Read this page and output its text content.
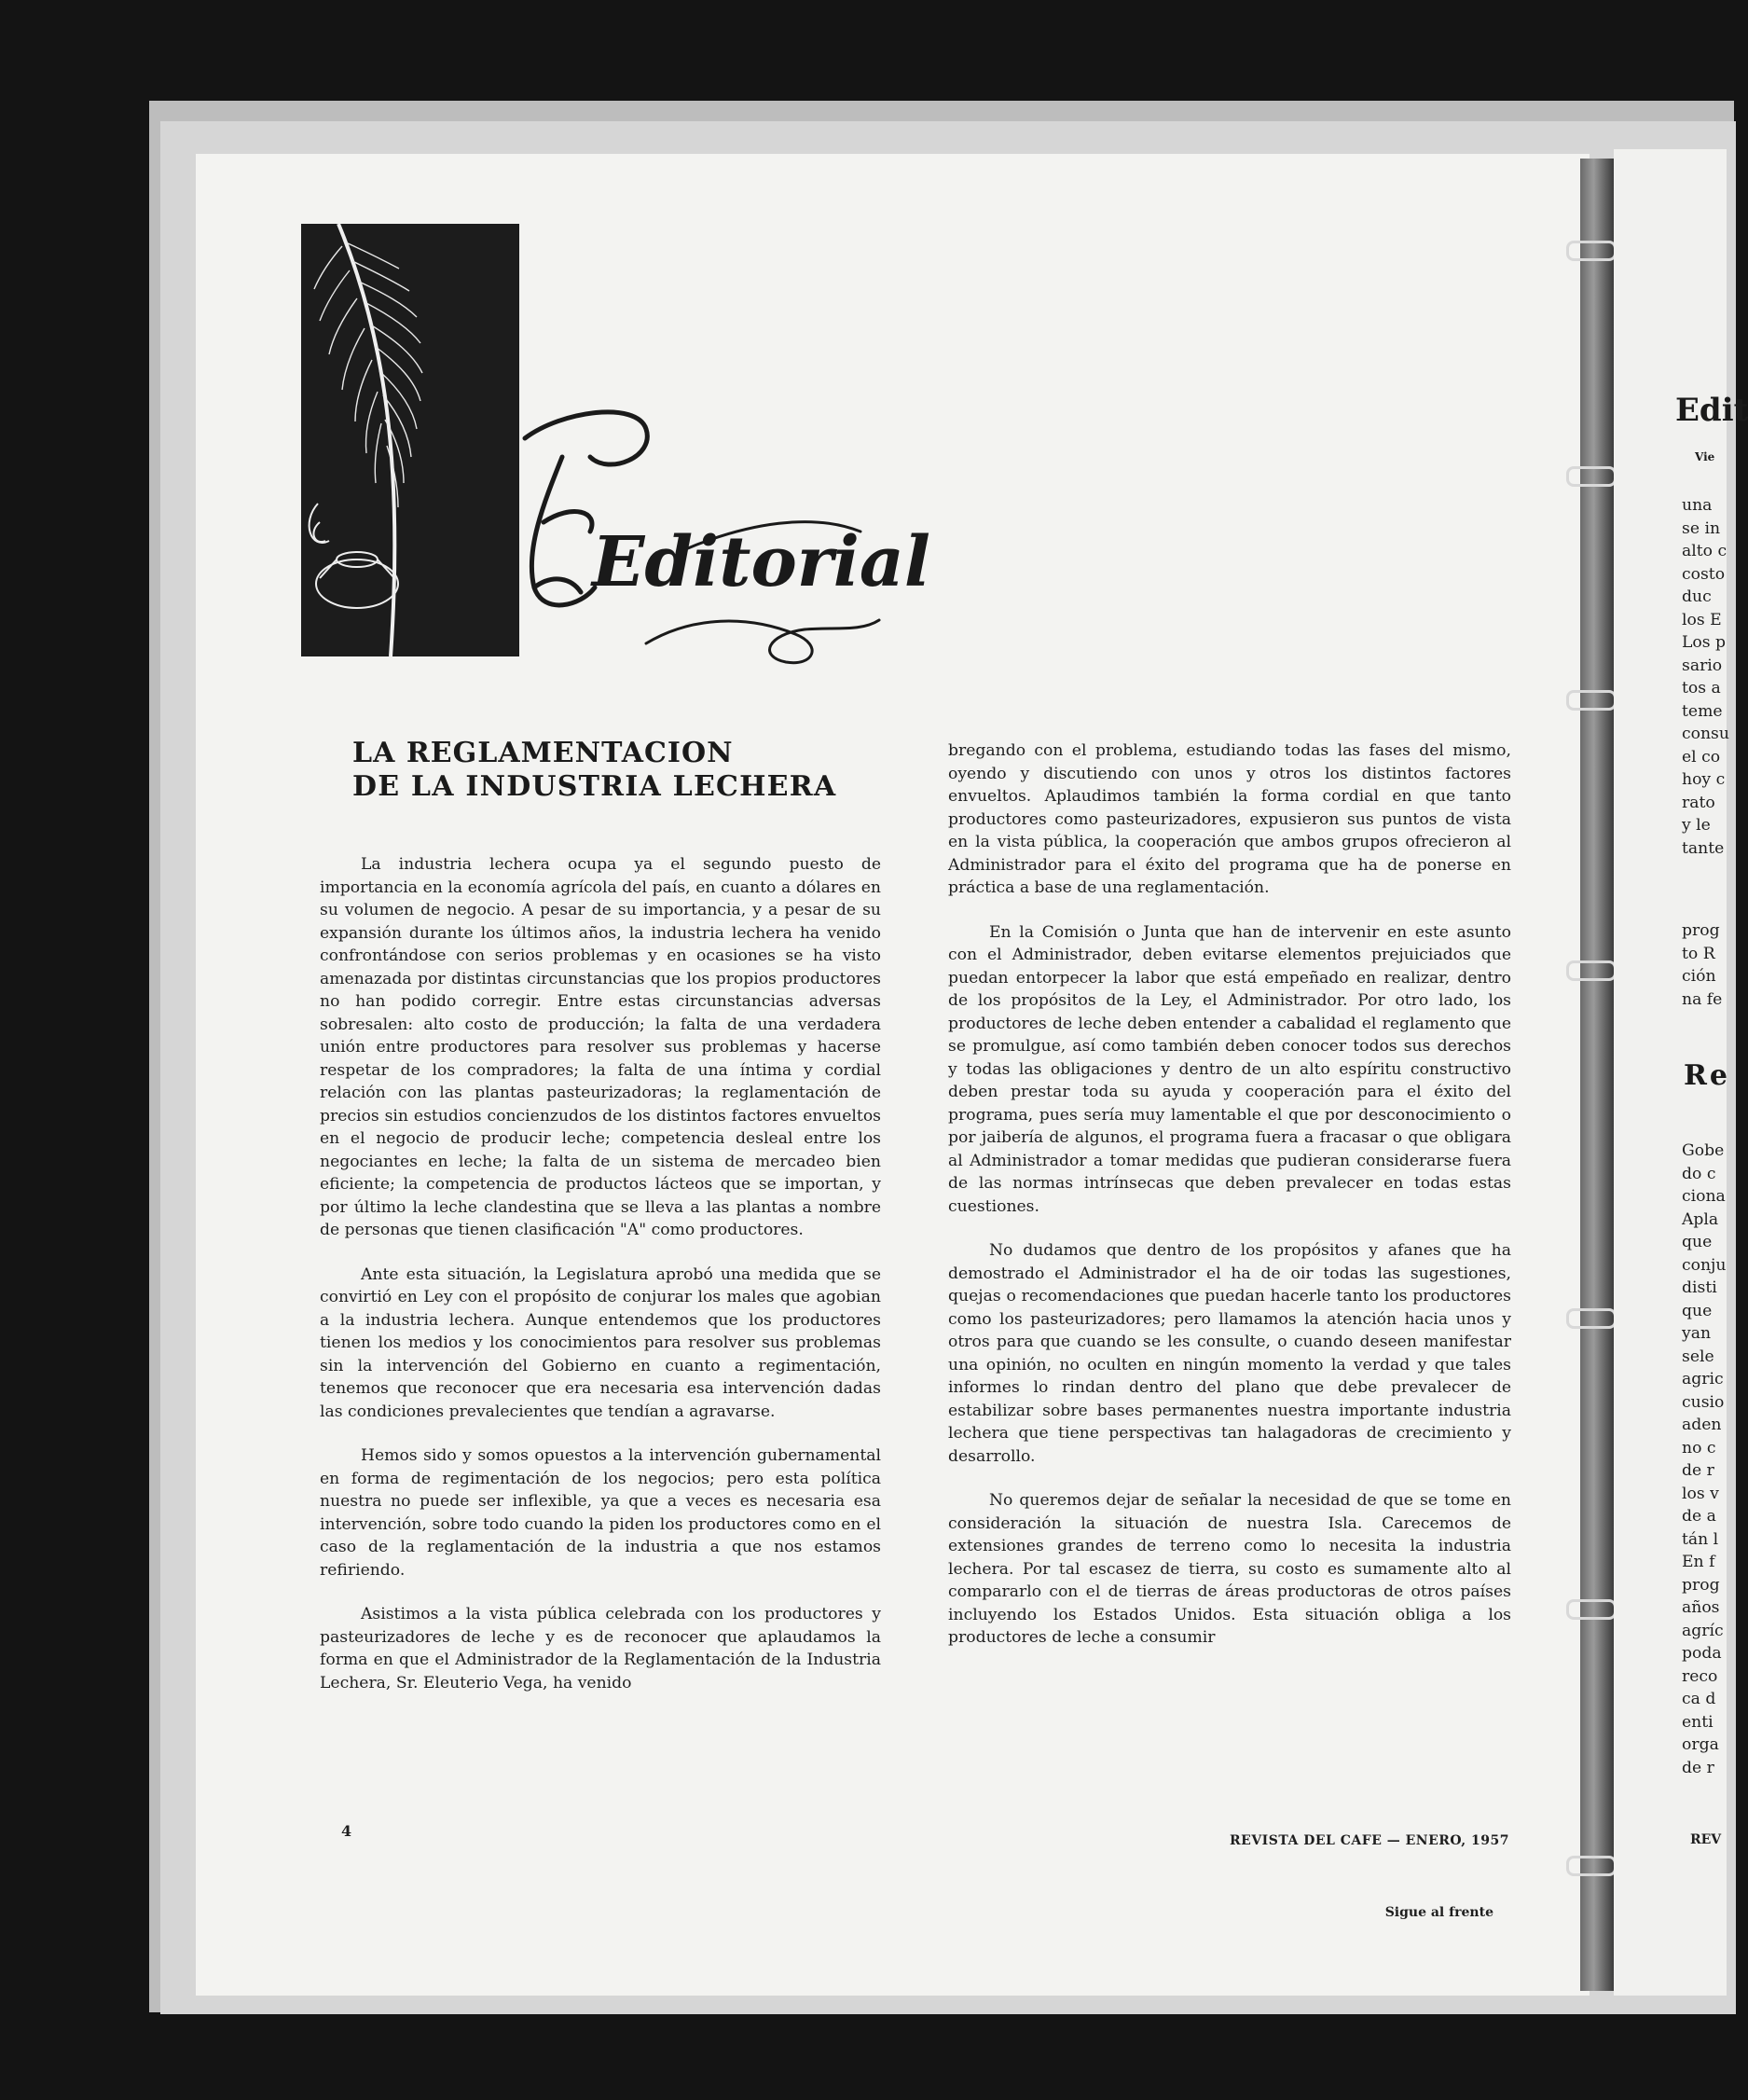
Editorial
LA REGLAMENTACION
DE LA INDUSTRIA LECHERA

La industria lechera ocupa ya el segundo puesto de importancia en la economía agrícola del país, en cuanto a dólares en su volumen de negocio. A pesar de su importancia, y a pesar de su expansión durante los últimos años, la industria lechera ha venido confrontándose con serios problemas y en ocasiones se ha visto amenazada por distintas circunstancias que los propios productores no han podido corregir. Entre estas circunstancias adversas sobresalen: alto costo de producción; la falta de una verdadera unión entre productores para resolver sus problemas y hacerse respetar de los compradores; la falta de una íntima y cordial relación con las plantas pasteurizadoras; la reglamentación de precios sin estudios concienzudos de los distintos factores envueltos en el negocio de producir leche; competencia desleal entre los negociantes en leche; la falta de un sistema de mercadeo bien eficiente; la competencia de productos lácteos que se importan, y por último la leche clandestina que se lleva a las plantas a nombre de personas que tienen clasificación "A" como productores.

Ante esta situación, la Legislatura aprobó una medida que se convirtió en Ley con el propósito de conjurar los males que agobian a la industria lechera. Aunque entendemos que los productores tienen los medios y los conocimientos para resolver sus problemas sin la intervención del Gobierno en cuanto a regimentación, tenemos que reconocer que era necesaria esa intervención dadas las condiciones prevalecientes que tendían a agravarse.

Hemos sido y somos opuestos a la intervención gubernamental en forma de regimentación de los negocios; pero esta política nuestra no puede ser inflexible, ya que a veces es necesaria esa intervención, sobre todo cuando la piden los productores como en el caso de la reglamentación de la industria a que nos estamos refiriendo.

Asistimos a la vista pública celebrada con los productores y pasteurizadores de leche y es de reconocer que aplaudamos la forma en que el Administrador de la Reglamentación de la Industria Lechera, Sr. Eleuterio Vega, ha venido

bregando con el problema, estudiando todas las fases del mismo, oyendo y discutiendo con unos y otros los distintos factores envueltos. Aplaudimos también la forma cordial en que tanto productores como pasteurizadores, expusieron sus puntos de vista en la vista pública, la cooperación que ambos grupos ofrecieron al Administrador para el éxito del programa que ha de ponerse en práctica a base de una reglamentación.

En la Comisión o Junta que han de intervenir en este asunto con el Administrador, deben evitarse elementos prejuiciados que puedan entorpecer la labor que está empeñado en realizar, dentro de los propósitos de la Ley, el Administrador. Por otro lado, los productores de leche deben entender a cabalidad el reglamento que se promulgue, así como también deben conocer todos sus derechos y todas las obligaciones y dentro de un alto espíritu constructivo deben prestar toda su ayuda y cooperación para el éxito del programa, pues sería muy lamentable el que por desconocimiento o por jaibería de algunos, el programa fuera a fracasar o que obligara al Administrador a tomar medidas que pudieran considerarse fuera de las normas intrínsecas que deben prevalecer en todas estas cuestiones.

No dudamos que dentro de los propósitos y afanes que ha demostrado el Administrador el ha de oir todas las sugestiones, quejas o recomendaciones que puedan hacerle tanto los productores como los pasteurizadores; pero llamamos la atención hacia unos y otros para que cuando se les consulte, o cuando deseen manifestar una opinión, no oculten en ningún momento la verdad y que tales informes lo rindan dentro del plano que debe prevalecer de estabilizar sobre bases permanentes nuestra importante industria lechera que tiene perspectivas tan halagadoras de crecimiento y desarrollo.

No queremos dejar de señalar la necesidad de que se tome en consideración la situación de nuestra Isla. Carecemos de extensiones grandes de terreno como lo necesita la industria lechera. Por tal escasez de tierra, su costo es sumamente alto al compararlo con el de tierras de áreas productoras de otros países incluyendo los Estados Unidos. Esta situación obliga a los productores de leche a consumir

Sigue al frente
4
REVISTA DEL CAFE — ENERO, 1957
Edit
Vie
una
se in
alto c
costo
duc
los E
Los p
sario
tos a
teme
consu
el co
hoy c
rato
y le
tante
prog
to R
ción
na fe
Re
Gobe
do c
ciona
Apla
que
conju
disti
que
yan
sele
agric
cusio
aden
no c
de r
los v
de a
tán l
En f
prog
años
agríc
poda
reco
ca d
enti
orga
de r
REV
